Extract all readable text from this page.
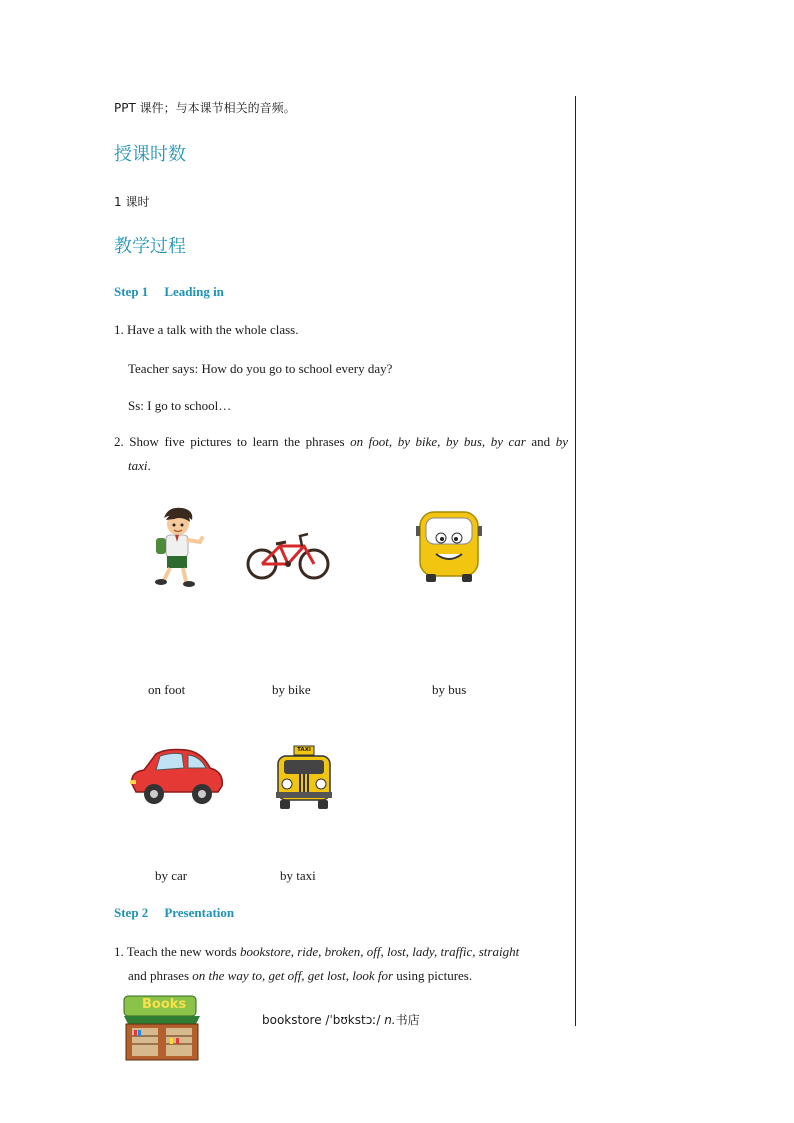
PPT 课件；与本课节相关的音频。
授课时数
1 课时
教学过程
Step 1 Leading in
1. Have a talk with the whole class.
Teacher says: How do you go to school every day?
Ss: I go to school…
2. Show five pictures to learn the phrases on foot, by bike, by bus, by car and by
taxi.
on foot	by bike	by bus
TAXI
by car	by taxi
Step 2 Presentation
1. Teach the new words bookstore, ride, broken, off, lost, lady, traffic, straight
and phrases on the way to, get off, get lost, look for using pictures.
Books
bookstore /ˈbʊkstɔː/ n.书店
